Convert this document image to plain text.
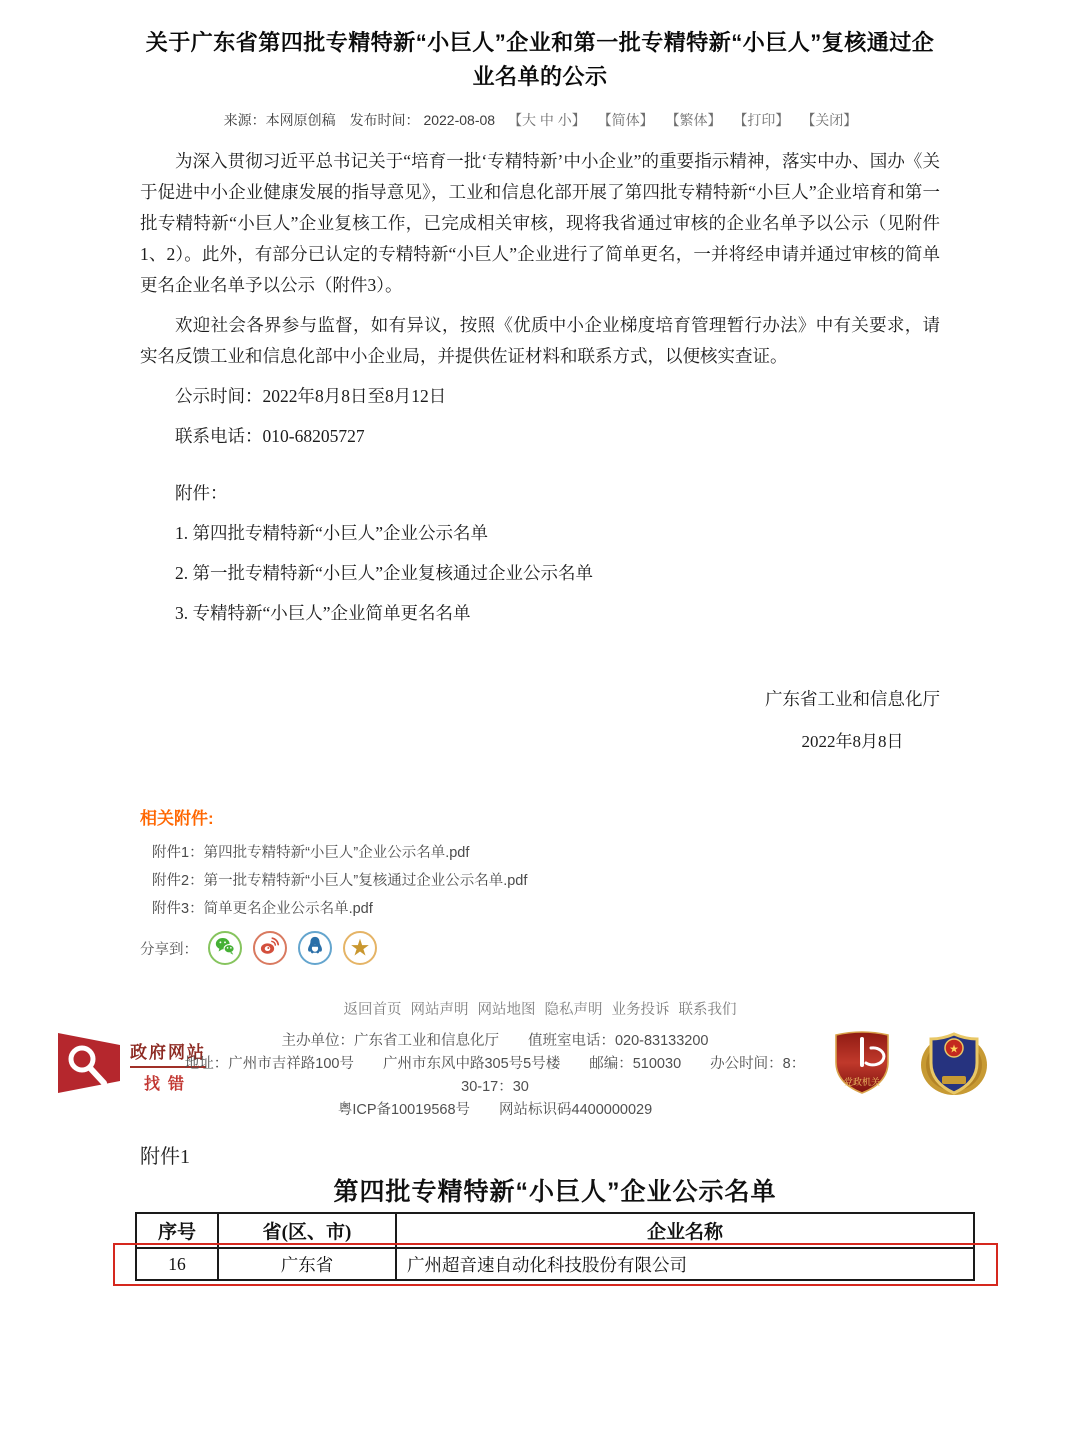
关于广东省第四批专精特新“小巨人”企业和第一批专精特新“小巨人”复核通过企业名单的公示
来源：本网原创稿 发布时间： 2022-08-08 【大 中 小】 【简体】 【繁体】 【打印】 【关闭】

为深入贯彻习近平总书记关于“培育一批‘专精特新’中小企业”的重要指示精神，落实中办、国办《关于促进中小企业健康发展的指导意见》，工业和信息化部开展了第四批专精特新“小巨人”企业培育和第一批专精特新“小巨人”企业复核工作，已完成相关审核，现将我省通过审核的企业名单予以公示（见附件1、2）。此外，有部分已认定的专精特新“小巨人”企业进行了简单更名，一并将经申请并通过审核的简单更名企业名单予以公示（附件3）。

欢迎社会各界参与监督，如有异议，按照《优质中小企业梯度培育管理暂行办法》中有关要求，请实名反馈工业和信息化部中小企业局，并提供佐证材料和联系方式，以便核实查证。

公示时间：2022年8月8日至8月12日

联系电话：010-68205727

附件：

1. 第四批专精特新“小巨人”企业公示名单

2. 第一批专精特新“小巨人”企业复核通过企业公示名单

3. 专精特新“小巨人”企业简单更名名单

广东省工业和信息化厅
2022年8月8日
相关附件:
附件1：第四批专精特新“小巨人”企业公示名单.pdf
附件2：第一批专精特新“小巨人”复核通过企业公示名单.pdf
附件3：简单更名企业公示名单.pdf
分享到：	★
返回首页 网站声明 网站地图 隐私声明 业务投诉 联系我们
政府网站
找错
主办单位：广东省工业和信息化厅　　值班室电话：020-83133200
地址：广州市吉祥路100号　　广州市东风中路305号5号楼　　邮编：510030　　办公时间：8：30-17：30
粤ICP备10019568号　　网站标识码4400000029
党政机关
★
附件1
第四批专精特新“小巨人”企业公示名单
序号	省(区、市)	企业名称
16	广东省	广州超音速自动化科技股份有限公司
